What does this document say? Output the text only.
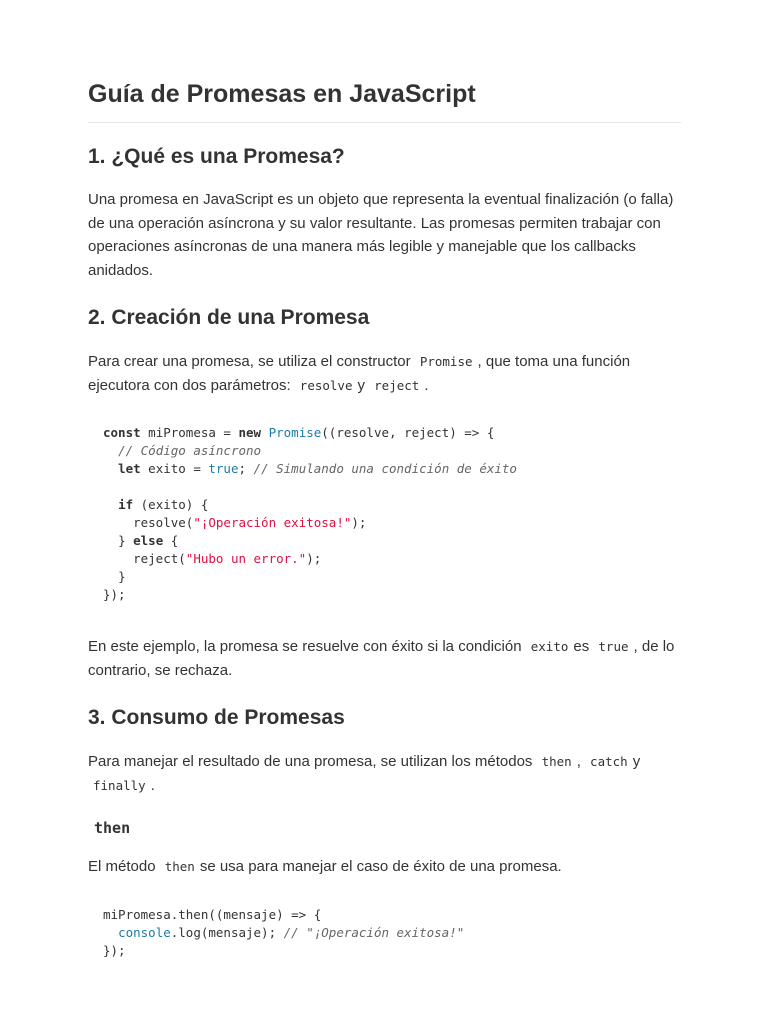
Guía de Promesas en JavaScript
1. ¿Qué es una Promesa?

Una promesa en JavaScript es un objeto que representa la eventual finalización (o falla) de una operación asíncrona y su valor resultante. Las promesas permiten trabajar con operaciones asíncronas de una manera más legible y manejable que los callbacks anidados.

2. Creación de una Promesa

Para crear una promesa, se utiliza el constructor Promise , que toma una función ejecutora con dos parámetros: resolve y reject .

const miPromesa = new Promise((resolve, reject) => {
// Código asíncrono
let exito = true; // Simulando una condición de éxito

if (exito) {
resolve("¡Operación exitosa!");
} else {
reject("Hubo un error.");
}
});

En este ejemplo, la promesa se resuelve con éxito si la condición exito es true , de lo contrario, se rechaza.

3. Consumo de Promesas

Para manejar el resultado de una promesa, se utilizan los métodos then , catch y finally .

then

El método then se usa para manejar el caso de éxito de una promesa.

miPromesa.then((mensaje) => {
console.log(mensaje); // "¡Operación exitosa!"
});
